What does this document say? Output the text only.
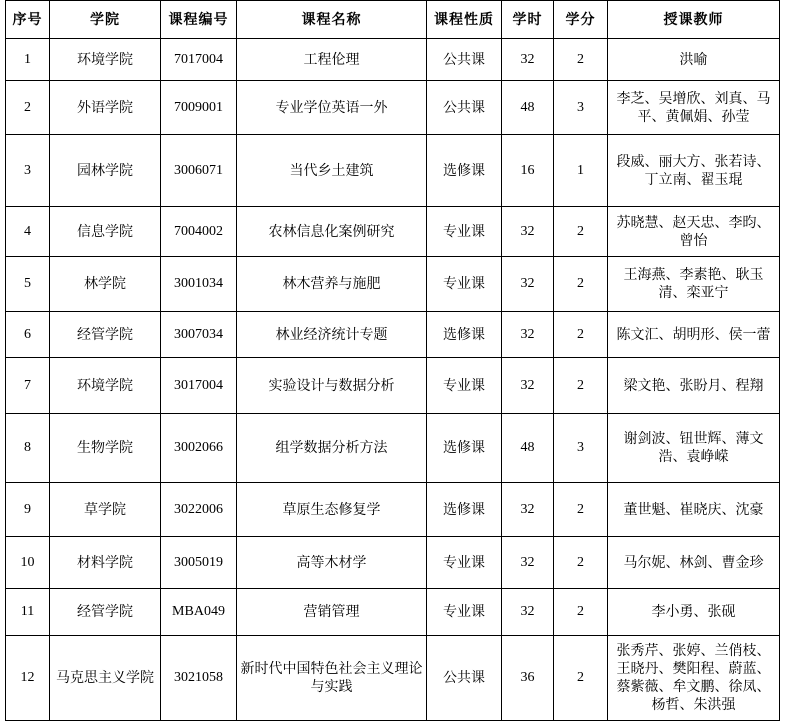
序号	学院	课程编号	课程名称	课程性质	学时	学分	授课教师
1	环境学院	7017004	工程伦理	公共课	32	2	洪喻
2	外语学院	7009001	专业学位英语一外	公共课	48	3	李芝、吴增欣、刘真、马平、黄佩娟、孙莹
3	园林学院	3006071	当代乡土建筑	选修课	16	1	段威、丽大方、张若诗、丁立南、翟玉琨
4	信息学院	7004002	农林信息化案例研究	专业课	32	2	苏晓慧、赵天忠、李昀、曾怡
5	林学院	3001034	林木营养与施肥	专业课	32	2	王海燕、李素艳、耿玉清、栾亚宁
6	经管学院	3007034	林业经济统计专题	选修课	32	2	陈文汇、胡明形、侯一蕾
7	环境学院	3017004	实验设计与数据分析	专业课	32	2	梁文艳、张盼月、程翔
8	生物学院	3002066	组学数据分析方法	选修课	48	3	谢剑波、钮世辉、薄文浩、袁峥嵘
9	草学院	3022006	草原生态修复学	选修课	32	2	董世魁、崔晓庆、沈豪
10	材料学院	3005019	高等木材学	专业课	32	2	马尔妮、林剑、曹金珍
11	经管学院	MBA049	营销管理	专业课	32	2	李小勇、张砚
12	马克思主义学院	3021058	新时代中国特色社会主义理论与实践	公共课	36	2	张秀芹、张婷、兰俏枝、王晓丹、樊阳程、蔚蓝、蔡紫薇、牟文鹏、徐凤、杨哲、朱洪强
